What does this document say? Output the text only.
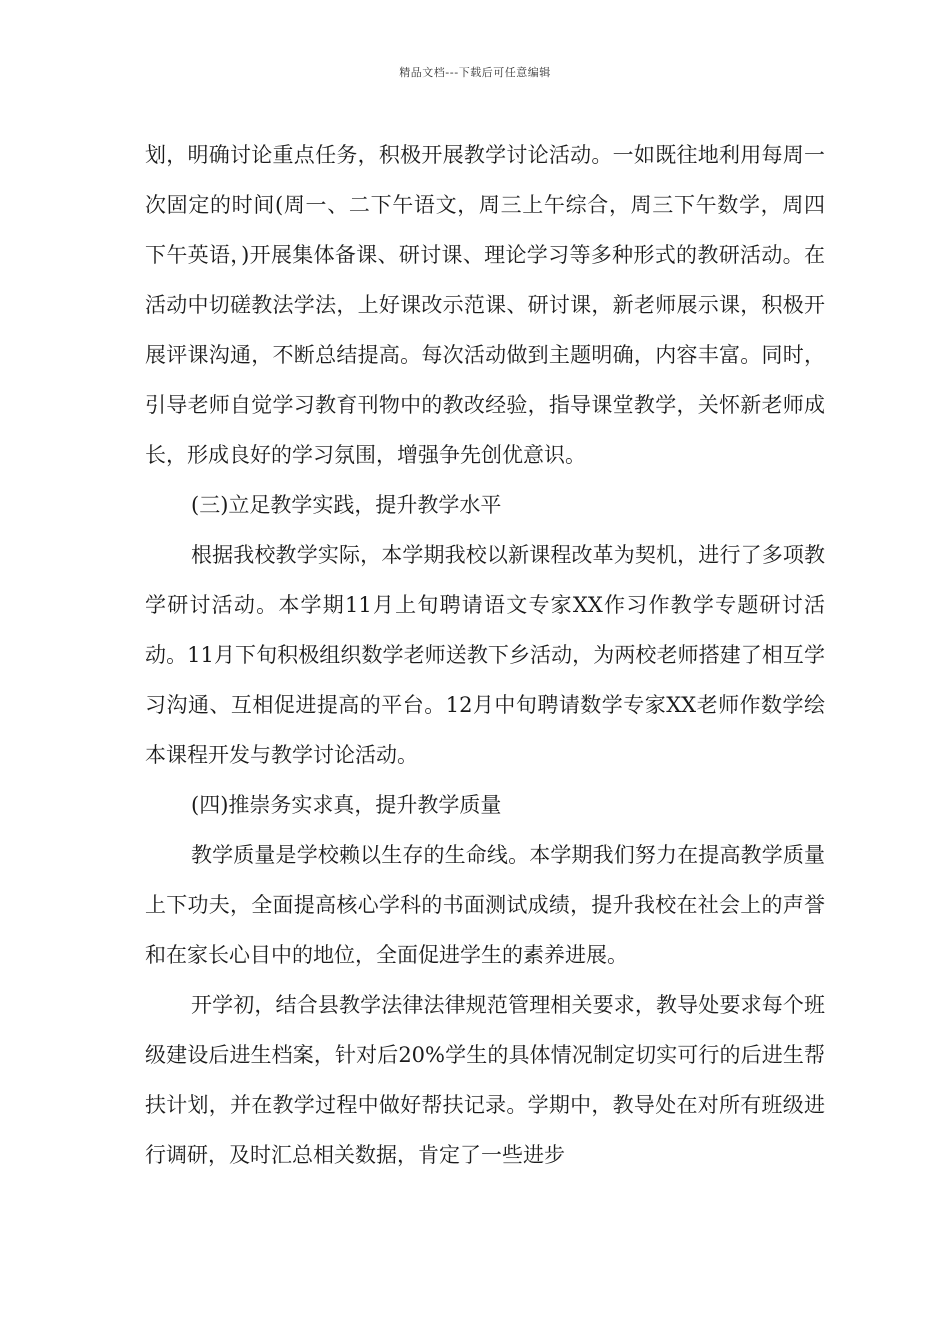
精品文档---下载后可任意编辑

划，明确讨论重点任务，积极开展教学讨论活动。一如既往地利用每周一次固定的时间(周一、二下午语文，周三上午综合，周三下午数学，周四下午英语，)开展集体备课、研讨课、理论学习等多种形式的教研活动。在活动中切磋教法学法，上好课改示范课、研讨课，新老师展示课，积极开展评课沟通，不断总结提高。每次活动做到主题明确，内容丰富。同时，引导老师自觉学习教育刊物中的教改经验，指导课堂教学，关怀新老师成长，形成良好的学习氛围，增强争先创优意识。

(三)立足教学实践，提升教学水平

根据我校教学实际，本学期我校以新课程改革为契机，进行了多项教学研讨活动。本学期11月上旬聘请语文专家XX作习作教学专题研讨活动。11月下旬积极组织数学老师送教下乡活动，为两校老师搭建了相互学习沟通、互相促进提高的平台。12月中旬聘请数学专家XX老师作数学绘本课程开发与教学讨论活动。

(四)推崇务实求真，提升教学质量

教学质量是学校赖以生存的生命线。本学期我们努力在提高教学质量上下功夫，全面提高核心学科的书面测试成绩，提升我校在社会上的声誉和在家长心目中的地位，全面促进学生的素养进展。

开学初，结合县教学法律法律规范管理相关要求，教导处要求每个班级建设后进生档案，针对后20%学生的具体情况制定切实可行的后进生帮扶计划，并在教学过程中做好帮扶记录。学期中，教导处在对所有班级进行调研，及时汇总相关数据，肯定了一些进步
